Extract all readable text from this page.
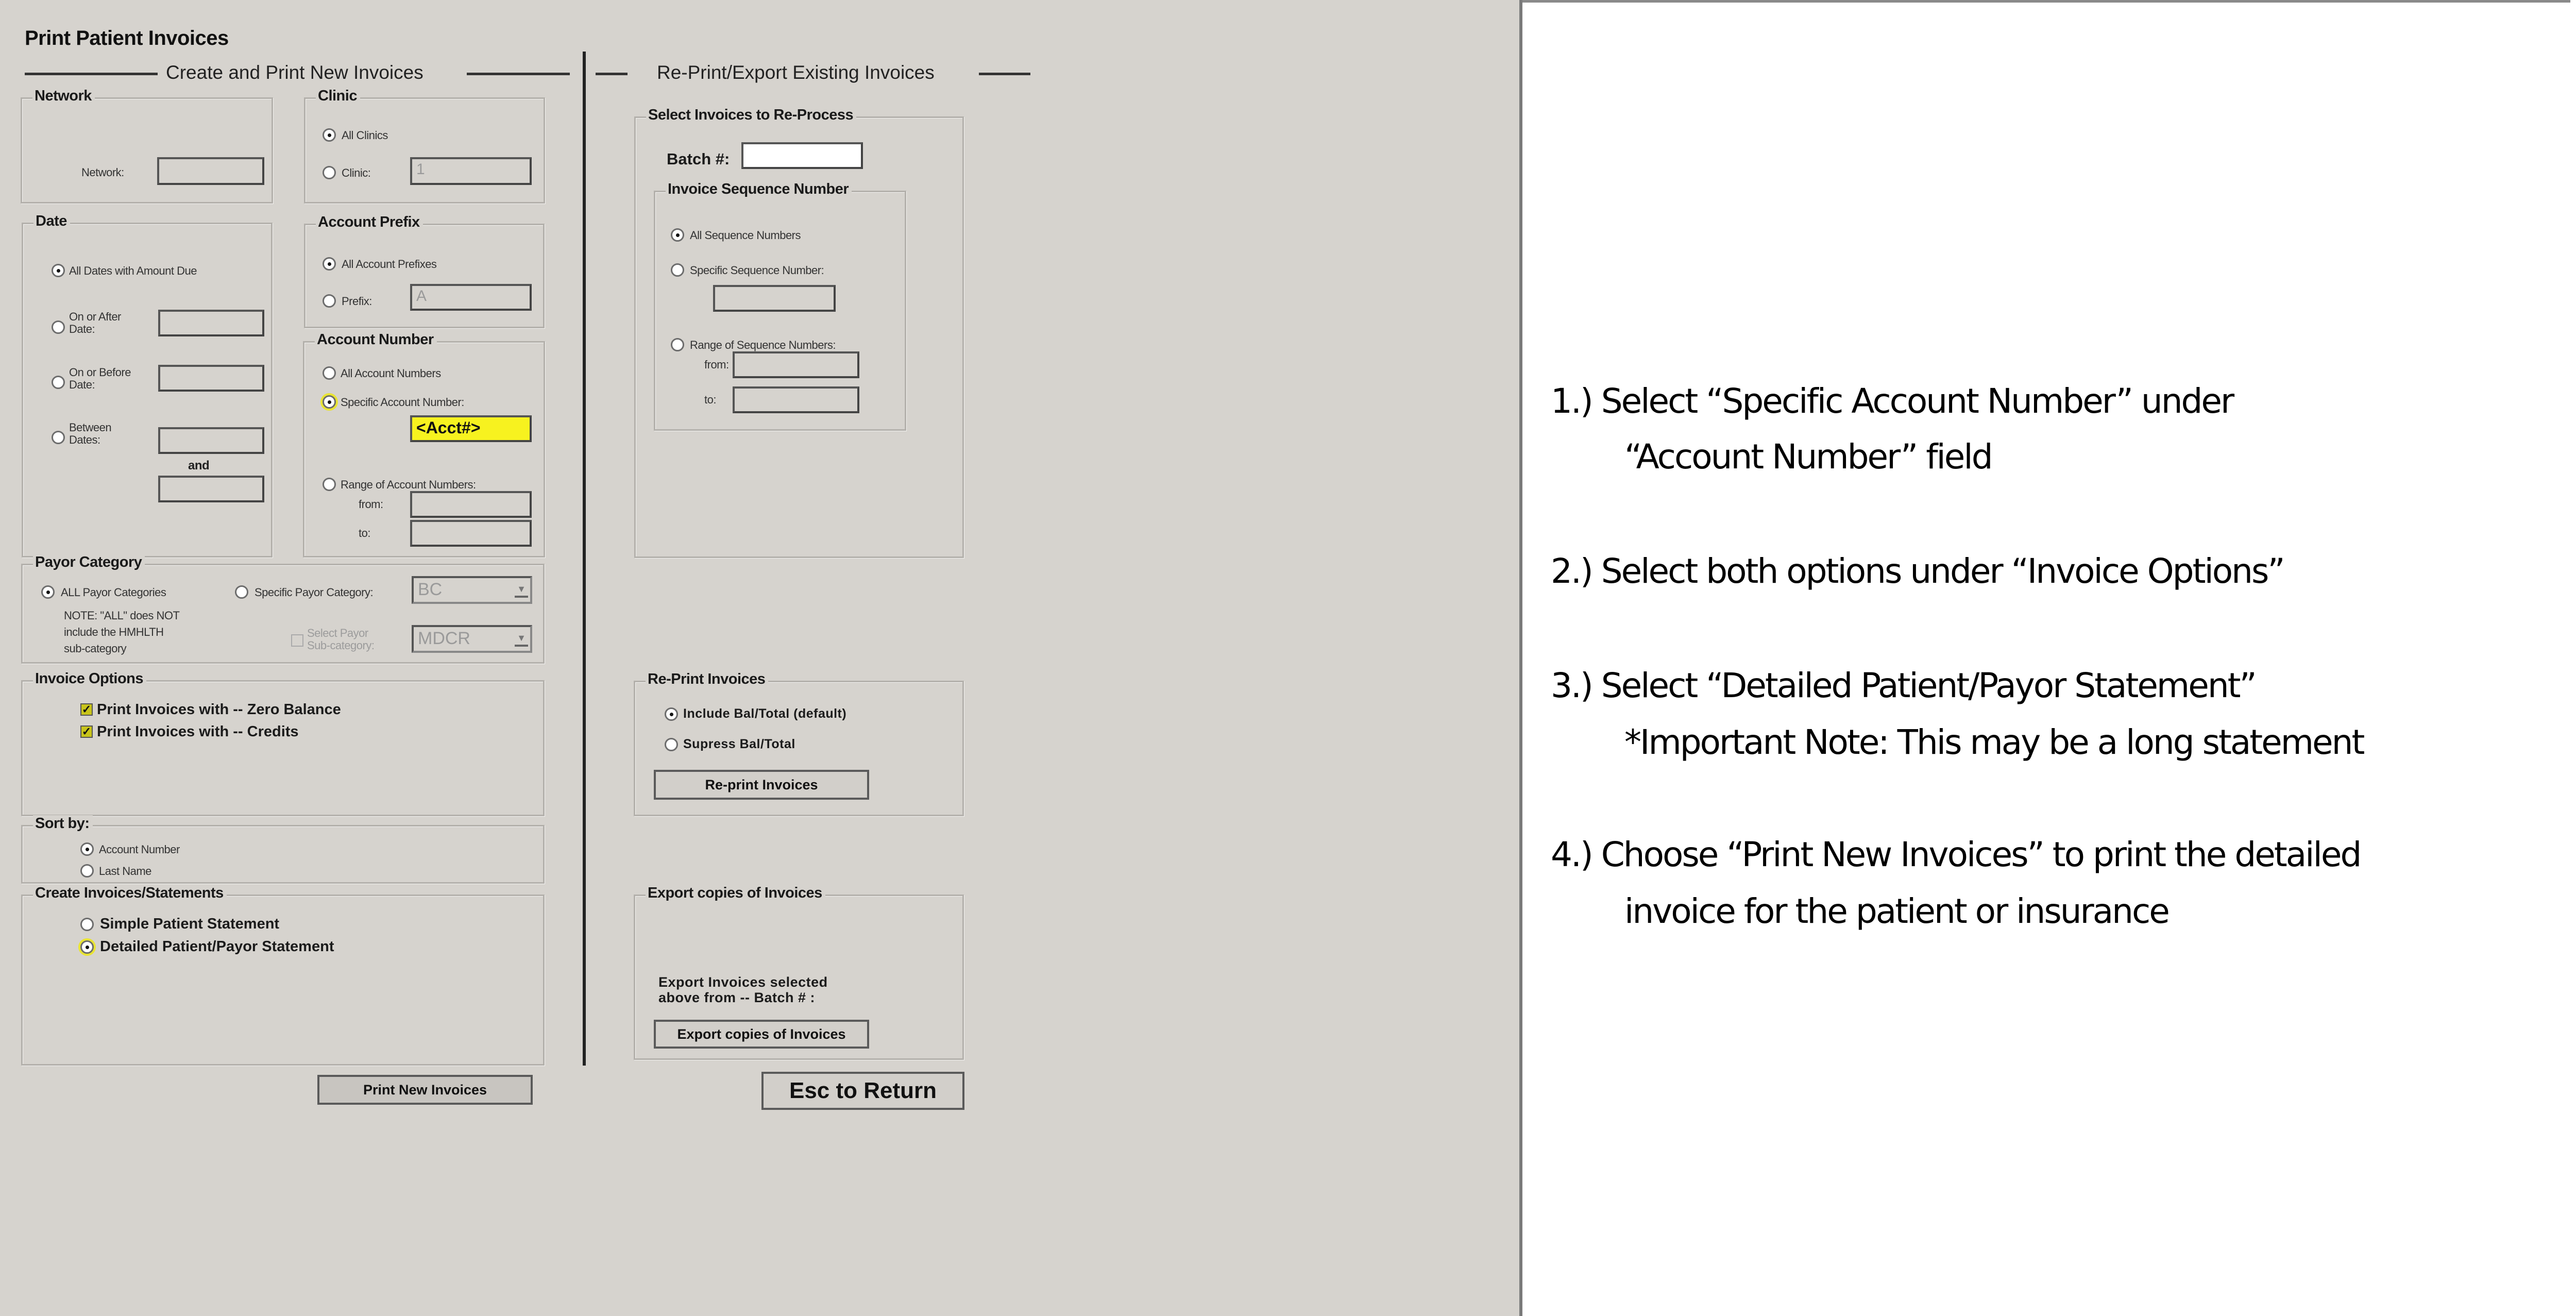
Print Patient Invoices
Create and Print New Invoices	Re-Print/Export Existing Invoices
Network
Network:
Clinic
All Clinics
Clinic:	1
Date
All Dates with Amount Due
On or After
Date:
On or Before
Date:
Between
Dates:
and
Account Prefix
All Account Prefixes
Prefix:	A
Account Number
All Account Numbers
Specific Account Number:
<Acct#>
Range of Account Numbers:
from:
to:
Payor Category
ALL Payor Categories
NOTE: "ALL" does NOT
include the HMHLTH
sub-category
Specific Payor Category:	BC	▼
Select Payor
Sub-category:	MDCR	▼
Invoice Options
✓ Print Invoices with -- Zero Balance
✓ Print Invoices with -- Credits
Sort by:
Account Number
Last Name
Create Invoices/Statements
Simple Patient Statement
Detailed Patient/Payor Statement
Print New Invoices
Select Invoices to Re-Process
Batch #:
Invoice Sequence Number
All Sequence Numbers
Specific Sequence Number:
Range of Sequence Numbers:
from:
to:
Re-Print Invoices
Include Bal/Total (default)
Supress Bal/Total
Re-print Invoices
Export copies of Invoices
Export Invoices selected
above from -- Batch # :
Export copies of Invoices
Esc to Return
1.) Select “Specific Account Number” under
“Account Number” field
2.) Select both options under “Invoice Options”
3.) Select “Detailed Patient/Payor Statement”
*Important Note: This may be a long statement
4.) Choose “Print New Invoices” to print the detailed
invoice for the patient or insurance
